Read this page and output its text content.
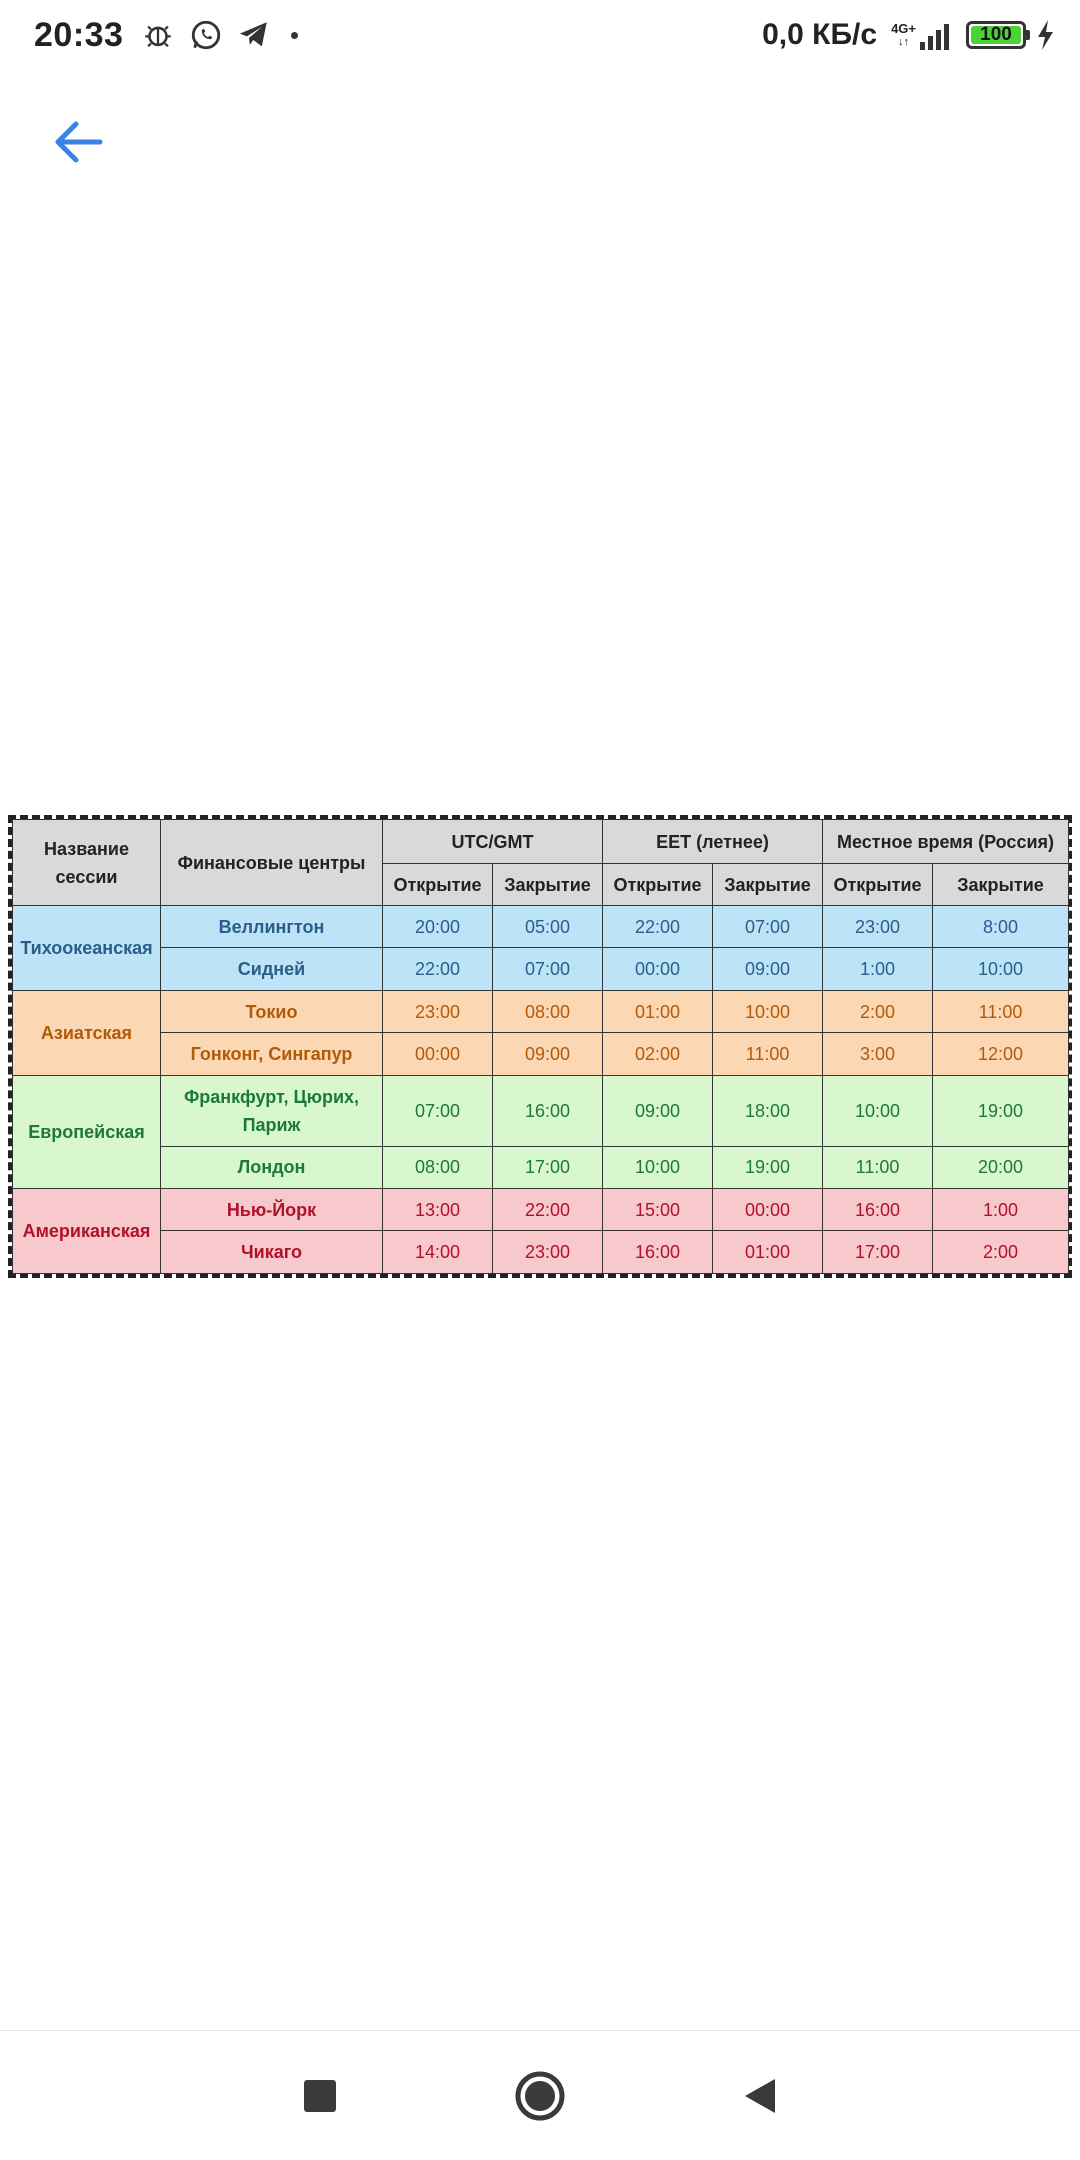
20:33	0,0 КБ/с 4G+
↓↑	100
Название сессии	Финансовые центры	UTC/GMT		EET (летнее)		Местное время (Россия)	
		Открытие	Закрытие	Открытие	Закрытие	Открытие	Закрытие
Тихоокеанская	Веллингтон	20:00	05:00	22:00	07:00	23:00	8:00
	Сидней	22:00	07:00	00:00	09:00	1:00	10:00
Азиатская	Токио	23:00	08:00	01:00	10:00	2:00	11:00
	Гонконг, Сингапур	00:00	09:00	02:00	11:00	3:00	12:00
Европейская	Франкфурт, Цюрих, Париж	07:00	16:00	09:00	18:00	10:00	19:00
	Лондон	08:00	17:00	10:00	19:00	11:00	20:00
Американская	Нью-Йорк	13:00	22:00	15:00	00:00	16:00	1:00
	Чикаго	14:00	23:00	16:00	01:00	17:00	2:00
